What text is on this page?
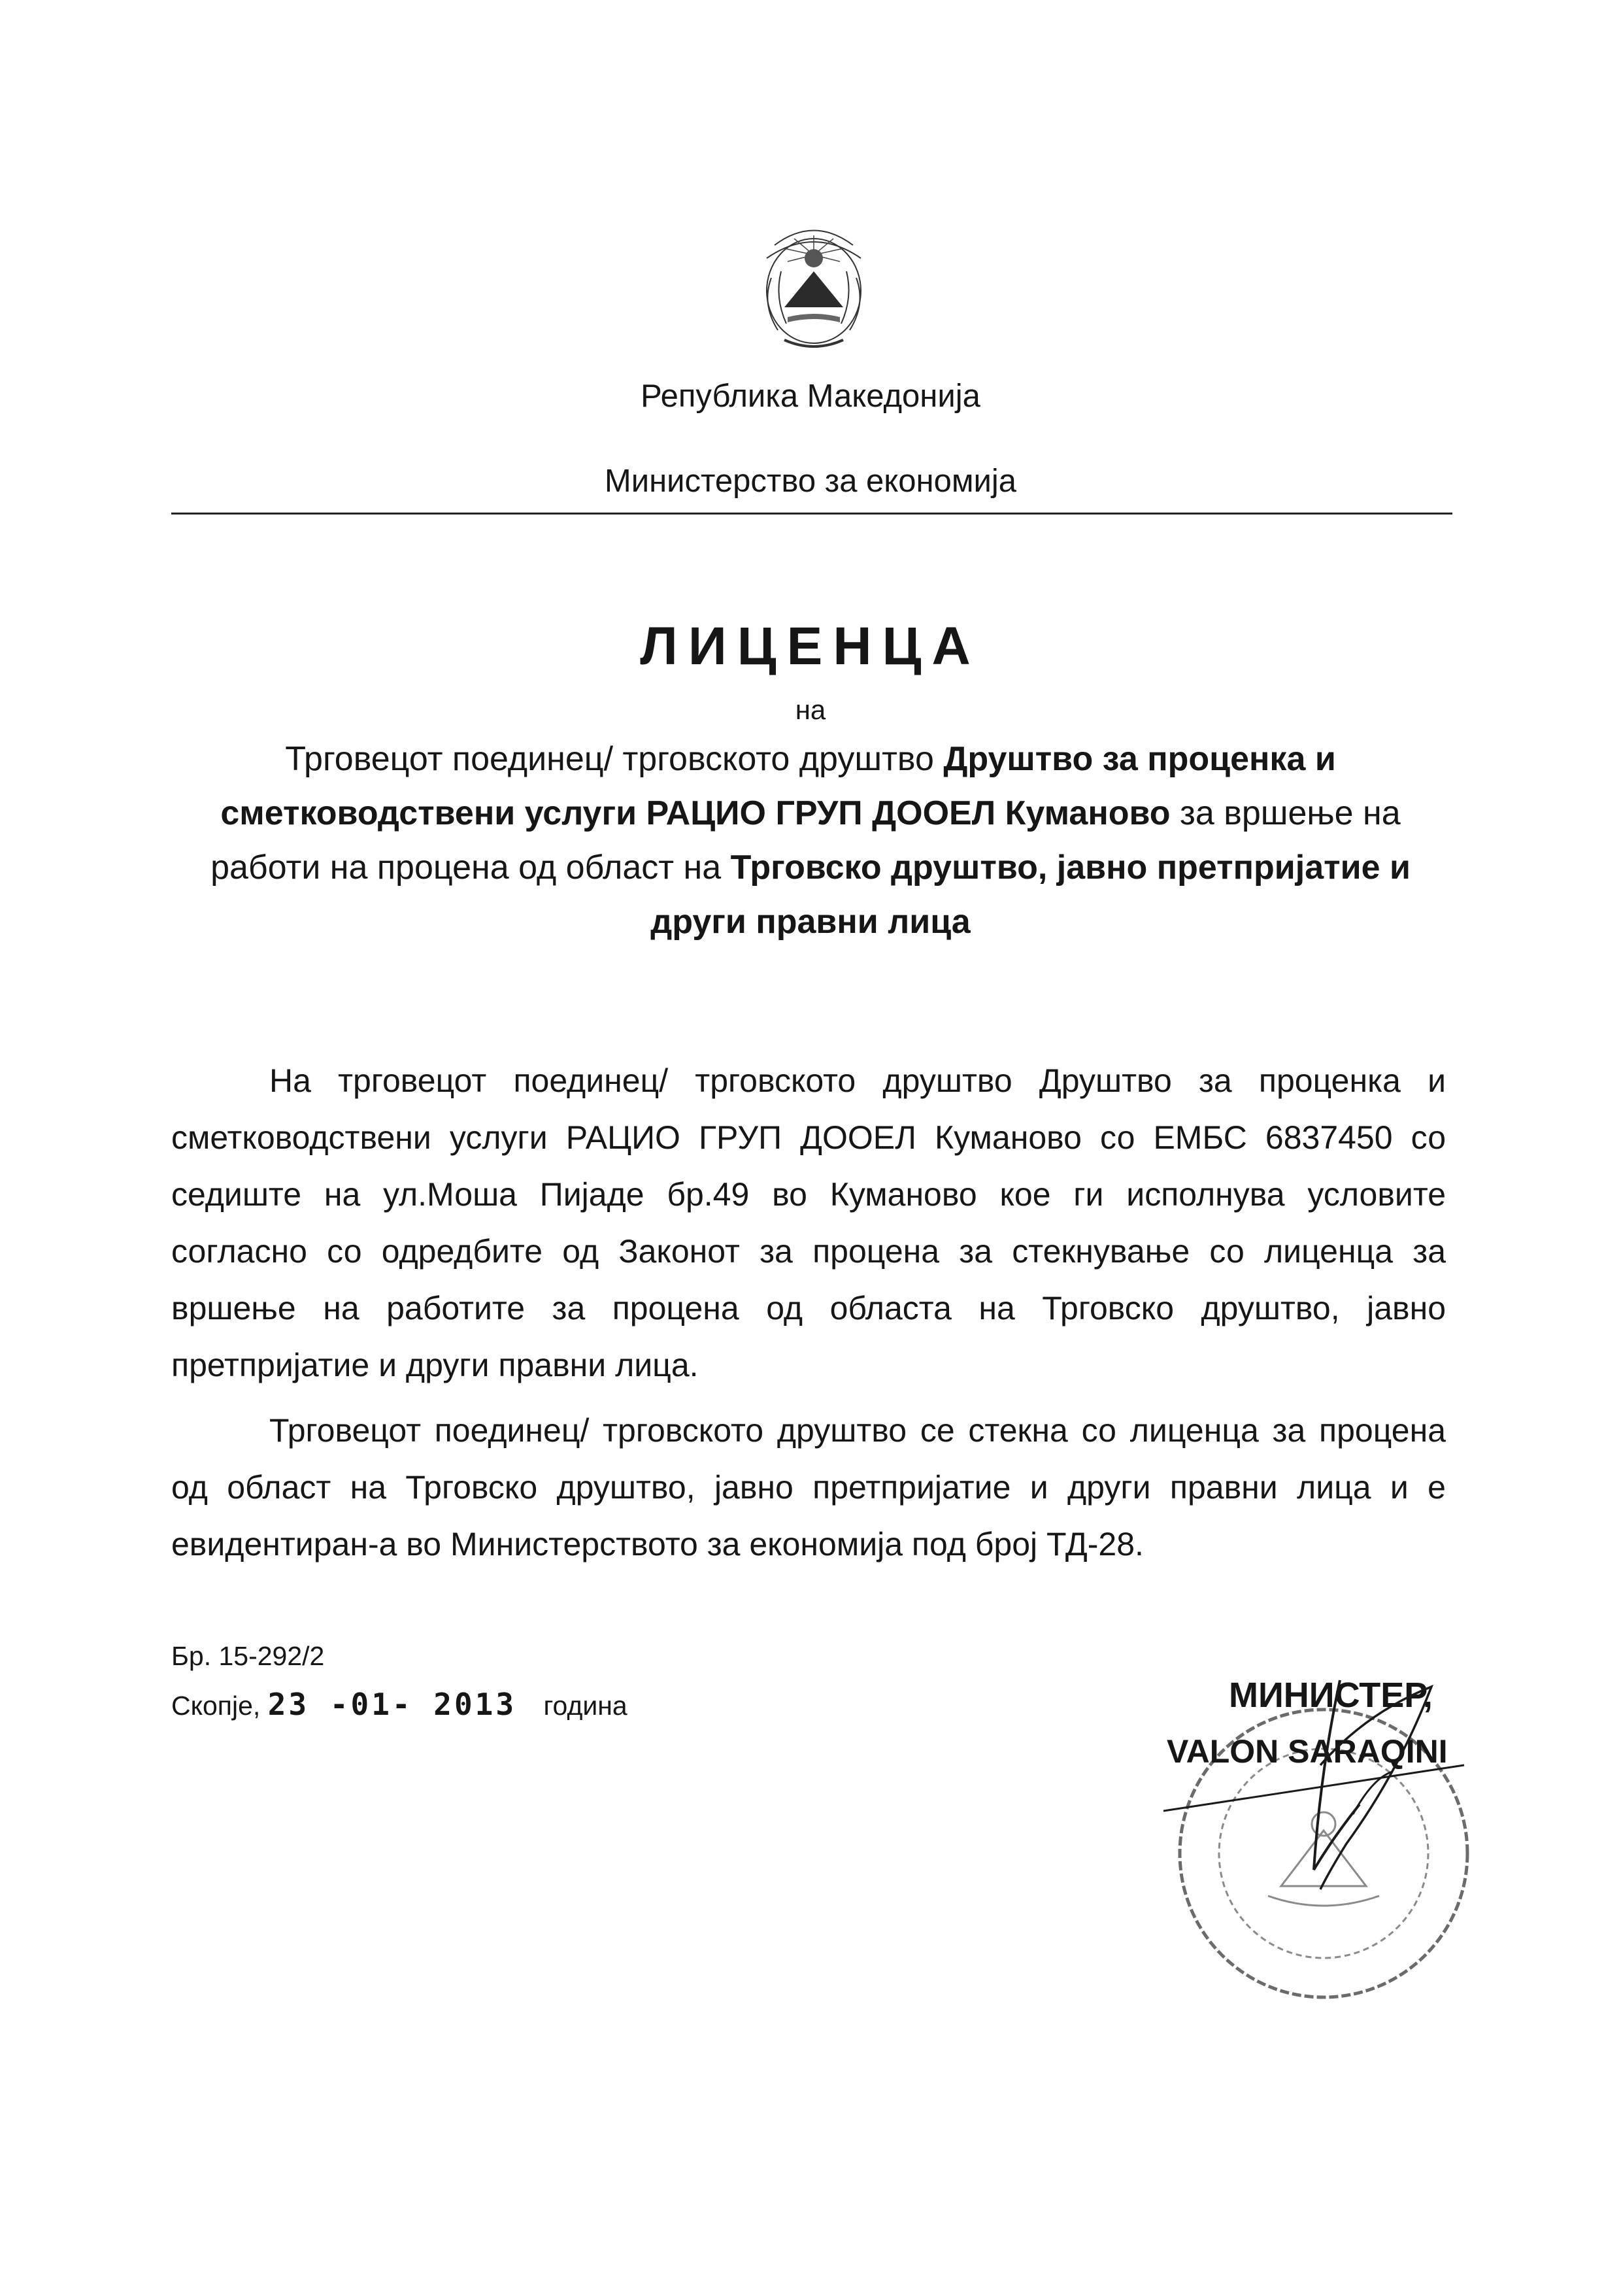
Република Македонија
Министерство за економија
ЛИЦЕНЦА
на
Трговецот поединец/ трговското друштво Друштво за проценка и сметководствени услуги РАЦИО ГРУП ДООЕЛ Куманово за вршење на работи на процена од област на Трговско друштво, јавно претпријатие и други правни лица
На трговецот поединец/ трговското друштво Друштво за проценка и сметководствени услуги РАЦИО ГРУП ДООЕЛ Куманово со ЕМБС 6837450 со седиште на ул.Моша Пијаде бр.49 во Куманово кое ги исполнува условите согласно со одредбите од Законот за процена за стекнување со лиценца за вршење на работите за процена од областа на Трговско друштво, јавно претпријатие и други правни лица.
Трговецот поединец/ трговското друштво се стекна со лиценца за процена од област на Трговско друштво, јавно претпријатие и други правни лица и е евидентиран-а во Министерството за економија под број ТД-28.
Бр. 15-292/2
Скопје, 23 -01- 2013 година	МИНИСТЕР,
VALON SARAQINI
